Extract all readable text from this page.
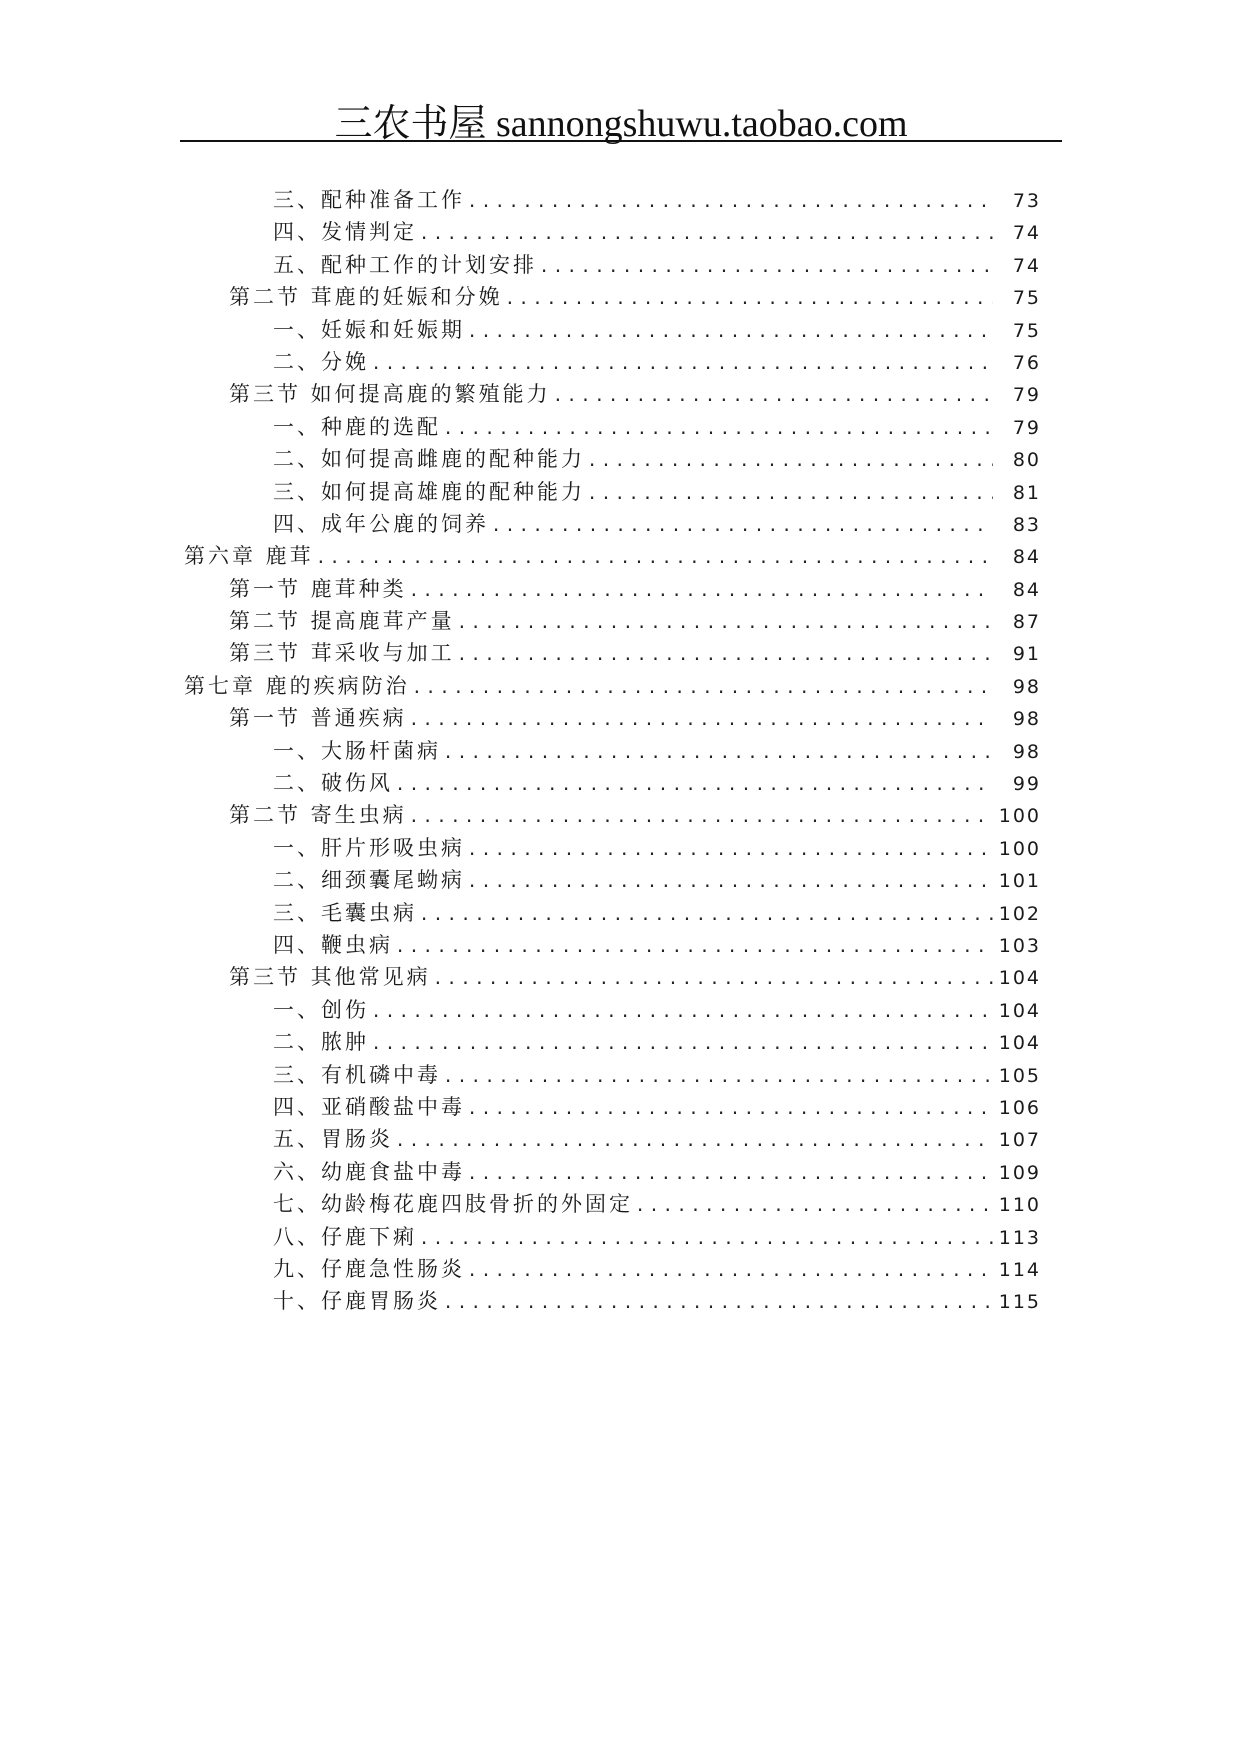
三农书屋 sannongshuwu.taobao.com
三、配种准备工作 .....	73
四、发情判定 .....	74
五、配种工作的计划安排 .....	74
第二节 茸鹿的妊娠和分娩 .....	75
一、妊娠和妊娠期 .....	75
二、分娩 .....	76
第三节 如何提高鹿的繁殖能力 .....	79
一、种鹿的选配 .....	79
二、如何提高雌鹿的配种能力 .....	80
三、如何提高雄鹿的配种能力 .....	81
四、成年公鹿的饲养 .....	83
第六章 鹿茸 .....	84
第一节 鹿茸种类 .....	84
第二节 提高鹿茸产量 .....	87
第三节 茸采收与加工 .....	91
第七章 鹿的疾病防治 .....	98
第一节 普通疾病 .....	98
一、大肠杆菌病 .....	98
二、破伤风 .....	99
第二节 寄生虫病 .....	100
一、肝片形吸虫病 .....	100
二、细颈囊尾蚴病 .....	101
三、毛囊虫病 .....	102
四、鞭虫病 .....	103
第三节 其他常见病 .....	104
一、创伤 .....	104
二、脓肿 .....	104
三、有机磷中毒 .....	105
四、亚硝酸盐中毒 .....	106
五、胃肠炎 .....	107
六、幼鹿食盐中毒 .....	109
七、幼龄梅花鹿四肢骨折的外固定 .....	110
八、仔鹿下痢 .....	113
九、仔鹿急性肠炎 .....	114
十、仔鹿胃肠炎 .....	115
